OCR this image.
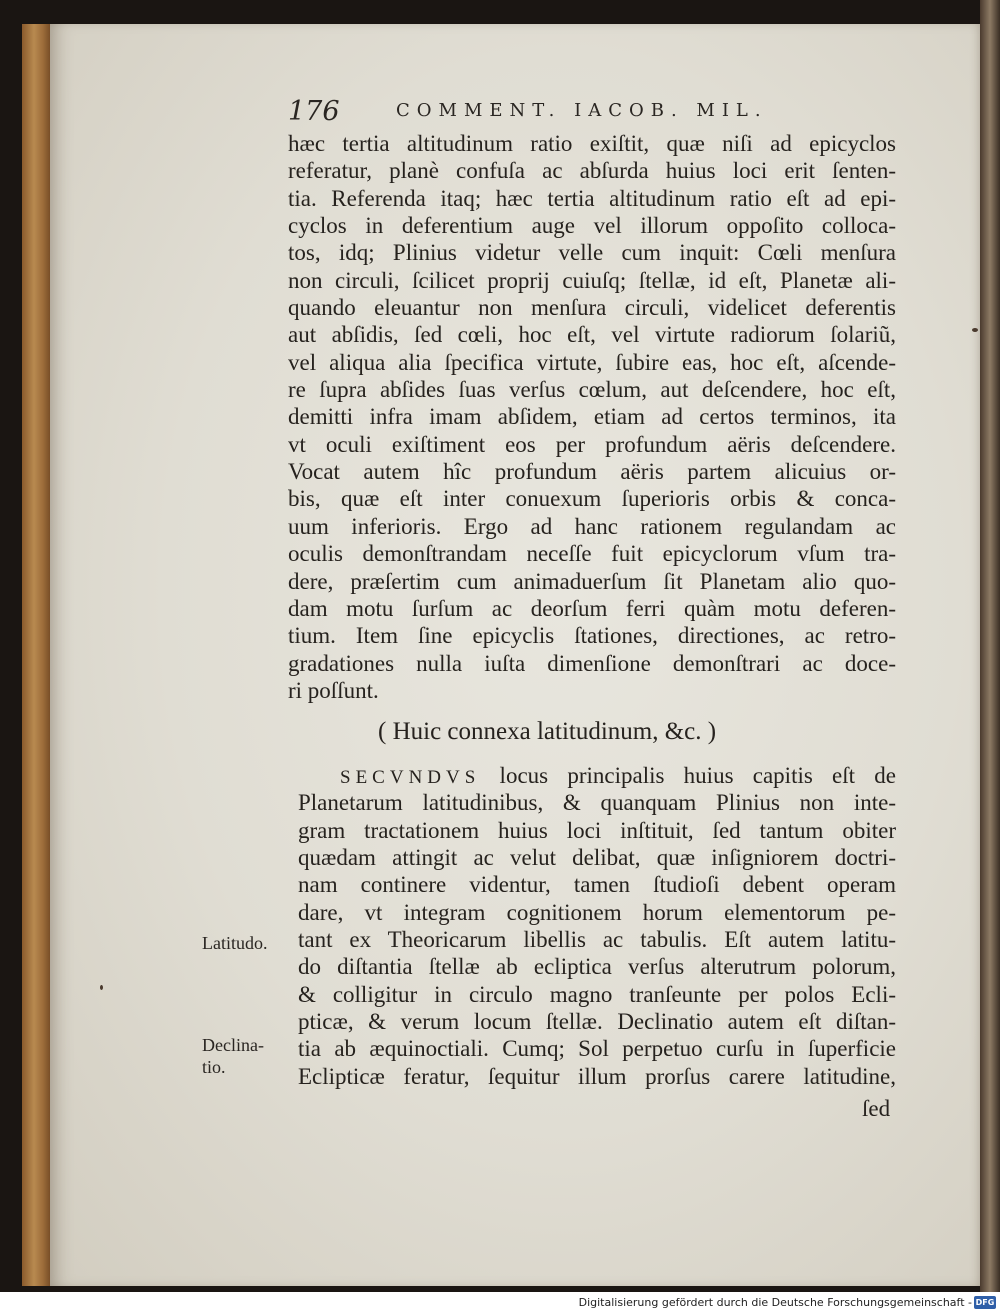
176	COMMENT. IACOB. MIL.
hæc tertia altitudinum ratio exiſtit, quæ niſi ad epicyclos
referatur, planè confuſa ac abſurda huius loci erit ſenten-
tia. Referenda itaq; hæc tertia altitudinum ratio eſt ad epi-
cyclos in deferentium auge vel illorum oppoſito colloca-
tos, idq; Plinius videtur velle cum inquit: Cœli menſura
non circuli, ſcilicet proprij cuiuſq; ſtellæ, id eſt, Planetæ ali-
quando eleuantur non menſura circuli, videlicet deferentis
aut abſidis, ſed cœli, hoc eſt, vel virtute radiorum ſolariũ,
vel aliqua alia ſpecifica virtute, ſubire eas, hoc eſt, aſcende-
re ſupra abſides ſuas verſus cœlum, aut deſcendere, hoc eſt,
demitti infra imam abſidem, etiam ad certos terminos, ita
vt oculi exiſtiment eos per profundum aëris deſcendere.
Vocat autem hîc profundum aëris partem alicuius or-
bis, quæ eſt inter conuexum ſuperioris orbis & conca-
uum inferioris. Ergo ad hanc rationem regulandam ac
oculis demonſtrandam neceſſe fuit epicyclorum vſum tra-
dere, præſertim cum animaduerſum ſit Planetam alio quo-
dam motu ſurſum ac deorſum ferri quàm motu deferen-
tium. Item ſine epicyclis ſtationes, directiones, ac retro-
gradationes nulla iuſta dimenſione demonſtrari ac doce-
ri poſſunt.
( Huic connexa latitudinum, &c. )
SECVNDVS locus principalis huius capitis eſt de
Planetarum latitudinibus, & quanquam Plinius non inte-
gram tractationem huius loci inſtituit, ſed tantum obiter
quædam attingit ac velut delibat, quæ inſigniorem doctri-
nam continere videntur, tamen ſtudioſi debent operam
dare, vt integram cognitionem horum elementorum pe-
tant ex Theoricarum libellis ac tabulis. Eſt autem latitu-
do diſtantia ſtellæ ab ecliptica verſus alterutrum polorum,
& colligitur in circulo magno tranſeunte per polos Ecli-
pticæ, & verum locum ſtellæ. Declinatio autem eſt diſtan-
tia ab æquinoctiali. Cumq; Sol perpetuo curſu in ſuperficie
Eclipticæ feratur, ſequitur illum prorſus carere latitudine,
ſed
Latitudo.
Declina-
tio.
Digitalisierung gefördert durch die Deutsche Forschungsgemeinschaft - DFG
